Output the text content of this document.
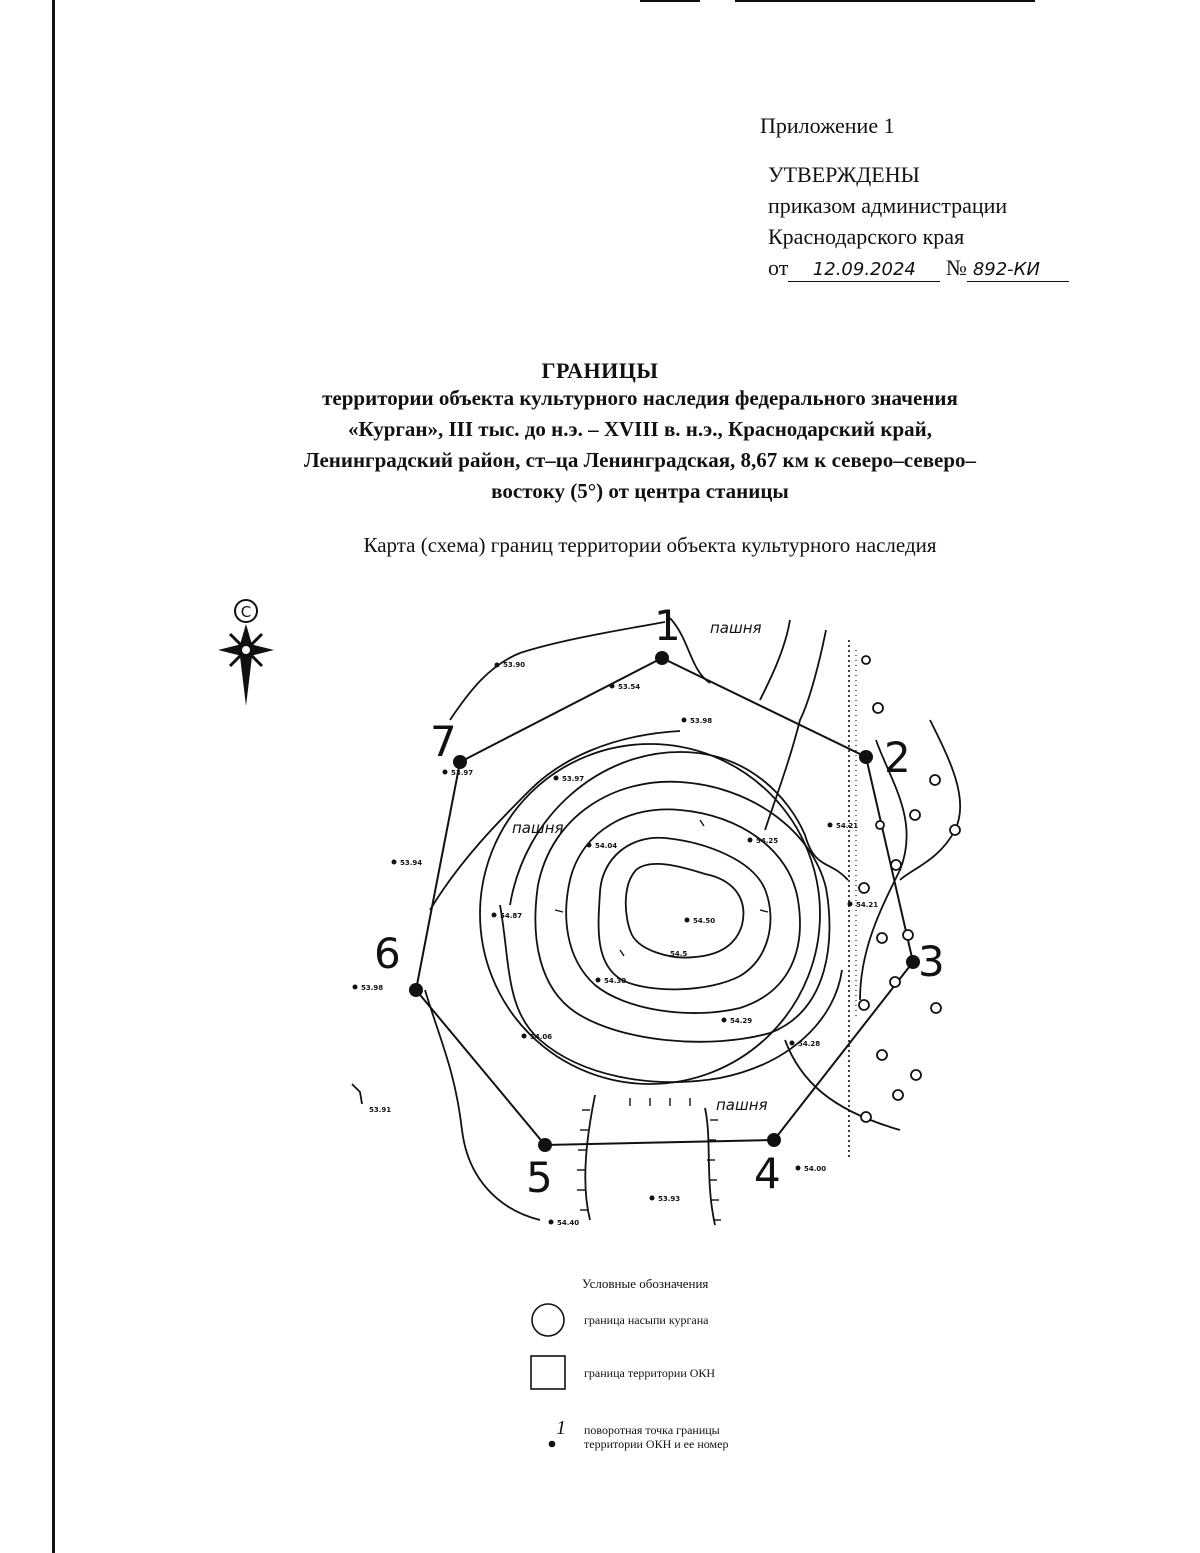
Приложение 1
УТВЕРЖДЕНЫ
приказом администрации
Краснодарского края
от 12.09.2024 № 892-КИ
ГРАНИЦЫ
территории объекта культурного наследия федерального значения
«Курган», III тыс. до н.э. – XVIII в. н.э., Краснодарский край,
Ленинградский район, ст–ца Ленинградская, 8,67 км к северо–северо–
востоку (5°) от центра станицы
Карта (схема) границ территории объекта культурного наследия
С	1
2
3
4
5
6
7
пашня
пашня
пашня
53.90
53.54
53.98
53.97
53.97
53.94
54.04
54.25
54.21
54.21
54.87
54.50
54.5
54.30
54.29
54.28
53.98
54.06
53.91
54.00
53.93
54.40
1
Условные обозначения
граница насыпи кургана
граница территории ОКН
поворотная точка границы
территории ОКН и ее номер
